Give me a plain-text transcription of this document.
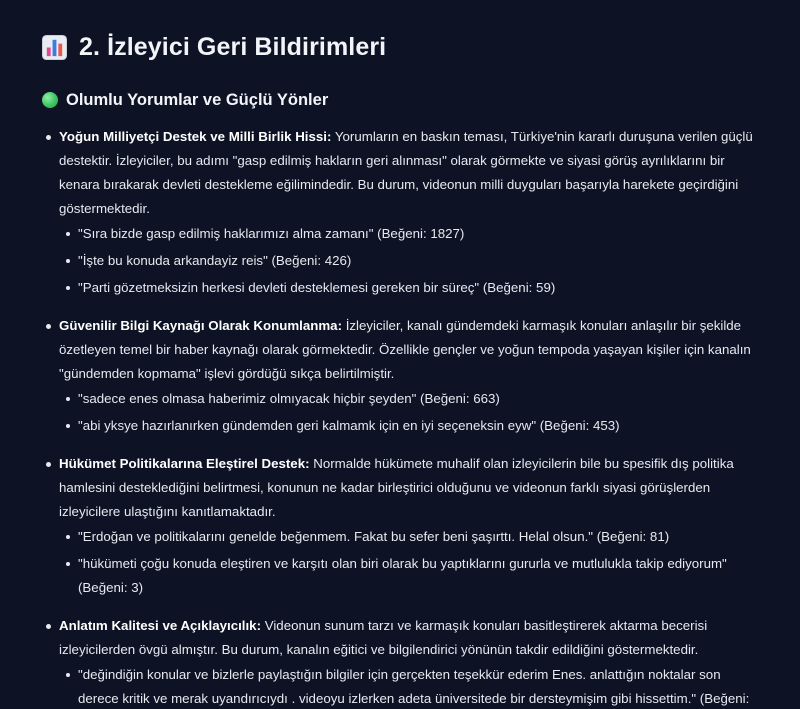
2. İzleyici Geri Bildirimleri
Olumlu Yorumlar ve Güçlü Yönler
Yoğun Milliyetçi Destek ve Milli Birlik Hissi: Yorumların en baskın teması, Türkiye'nin kararlı duruşuna verilen güçlü destektir. İzleyiciler, bu adımı "gasp edilmiş hakların geri alınması" olarak görmekte ve siyasi görüş ayrılıklarını bir kenara bırakarak devleti destekleme eğilimindedir. Bu durum, videonun milli duyguları başarıyla harekete geçirdiğini göstermektedir.
"Sıra bizde gasp edilmiş haklarımızı alma zamanı" (Beğeni: 1827)
"İşte bu konuda arkandayiz reis" (Beğeni: 426)
"Parti gözetmeksizin herkesi devleti desteklemesi gereken bir süreç" (Beğeni: 59)
Güvenilir Bilgi Kaynağı Olarak Konumlanma: İzleyiciler, kanalı gündemdeki karmaşık konuları anlaşılır bir şekilde özetleyen temel bir haber kaynağı olarak görmektedir. Özellikle gençler ve yoğun tempoda yaşayan kişiler için kanalın "gündemden kopmama" işlevi gördüğü sıkça belirtilmiştir.
"sadece enes olmasa haberimiz olmıyacak hiçbir şeyden" (Beğeni: 663)
"abi yksye hazırlanırken gündemden geri kalmamk için en iyi seçeneksin eyw" (Beğeni: 453)
Hükümet Politikalarına Eleştirel Destek: Normalde hükümete muhalif olan izleyicilerin bile bu spesifik dış politika hamlesini desteklediğini belirtmesi, konunun ne kadar birleştirici olduğunu ve videonun farklı siyasi görüşlerden izleyicilere ulaştığını kanıtlamaktadır.
"Erdoğan ve politikalarını genelde beğenmem. Fakat bu sefer beni şaşırttı. Helal olsun." (Beğeni: 81)
"hükümeti çoğu konuda eleştiren ve karşıtı olan biri olarak bu yaptıklarını gururla ve mutlulukla takip ediyorum" (Beğeni: 3)
Anlatım Kalitesi ve Açıklayıcılık: Videonun sunum tarzı ve karmaşık konuları basitleştirerek aktarma becerisi izleyicilerden övgü almıştır. Bu durum, kanalın eğitici ve bilgilendirici yönünün takdir edildiğini göstermektedir.
"değindiğin konular ve bizlerle paylaştığın bilgiler için gerçekten teşekkür ederim Enes. anlattığın noktalar son derece kritik ve merak uyandırıcıydı . videoyu izlerken adeta üniversitede bir dersteymişim gibi hissettim." (Beğeni:
